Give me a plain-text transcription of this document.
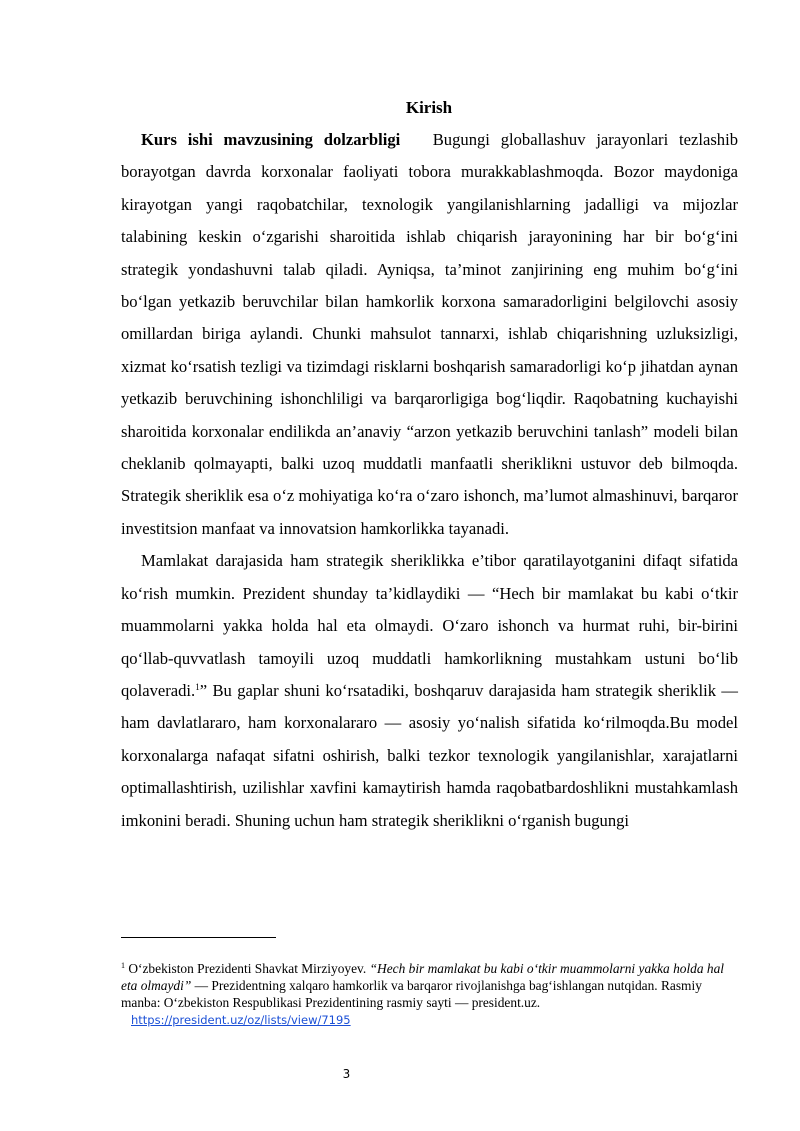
Kirish

Kurs ishi mavzusining dolzarbligi Bugungi globallashuv jarayonlari tezlashib borayotgan davrda korxonalar faoliyati tobora murakkablashmoqda. Bozor maydoniga kirayotgan yangi raqobatchilar, texnologik yangilanishlarning jadalligi va mijozlar talabining keskin o‘zgarishi sharoitida ishlab chiqarish jarayonining har bir bo‘g‘ini strategik yondashuvni talab qiladi. Ayniqsa, ta’minot zanjirining eng muhim bo‘g‘ini bo‘lgan yetkazib beruvchilar bilan hamkorlik korxona samaradorligini belgilovchi asosiy omillardan biriga aylandi. Chunki mahsulot tannarxi, ishlab chiqarishning uzluksizligi, xizmat ko‘rsatish tezligi va tizimdagi risklarni boshqarish samaradorligi ko‘p jihatdan aynan yetkazib beruvchining ishonchliligi va barqarorligiga bog‘liqdir. Raqobatning kuchayishi sharoitida korxonalar endilikda an’anaviy “arzon yetkazib beruvchini tanlash” modeli bilan cheklanib qolmayapti, balki uzoq muddatli manfaatli sheriklikni ustuvor deb bilmoqda. Strategik sheriklik esa o‘z mohiyatiga ko‘ra o‘zaro ishonch, ma’lumot almashinuvi, barqaror investitsion manfaat va innovatsion hamkorlikka tayanadi.

Mamlakat darajasida ham strategik sheriklikka e’tibor qaratilayotganini difaqt sifatida ko‘rish mumkin. Prezident shunday ta’kidlaydiki — “Hech bir mamlakat bu kabi o‘tkir muammolarni yakka holda hal eta olmaydi. O‘zaro ishonch va hurmat ruhi, bir-birini qo‘llab-quvvatlash tamoyili uzoq muddatli hamkorlikning mustahkam ustuni bo‘lib qolaveradi.$^1$” Bu gaplar shuni ko‘rsatadiki, boshqaruv darajasida ham strategik sheriklik — ham davlatlararo, ham korxonalararo — asosiy yo‘nalish sifatida ko‘rilmoqda.Bu model korxonalarga nafaqat sifatni oshirish, balki tezkor texnologik yangilanishlar, xarajatlarni optimallashtirish, uzilishlar xavfini kamaytirish hamda raqobatbardoshlikni mustahkamlash imkonini beradi. Shuning uchun ham strategik sheriklikni o‘rganish bugungi

$^1$ O‘zbekiston Prezidenti Shavkat Mirziyoyev. “Hech bir mamlakat bu kabi o‘tkir muammolarni yakka holda hal eta olmaydi” — Prezidentning xalqaro hamkorlik va barqaror rivojlanishga bag‘ishlangan nutqidan. Rasmiy manba: O‘zbekiston Respublikasi Prezidentining rasmiy sayti — president.uz. https://president.uz/oz/lists/view/7195
3
